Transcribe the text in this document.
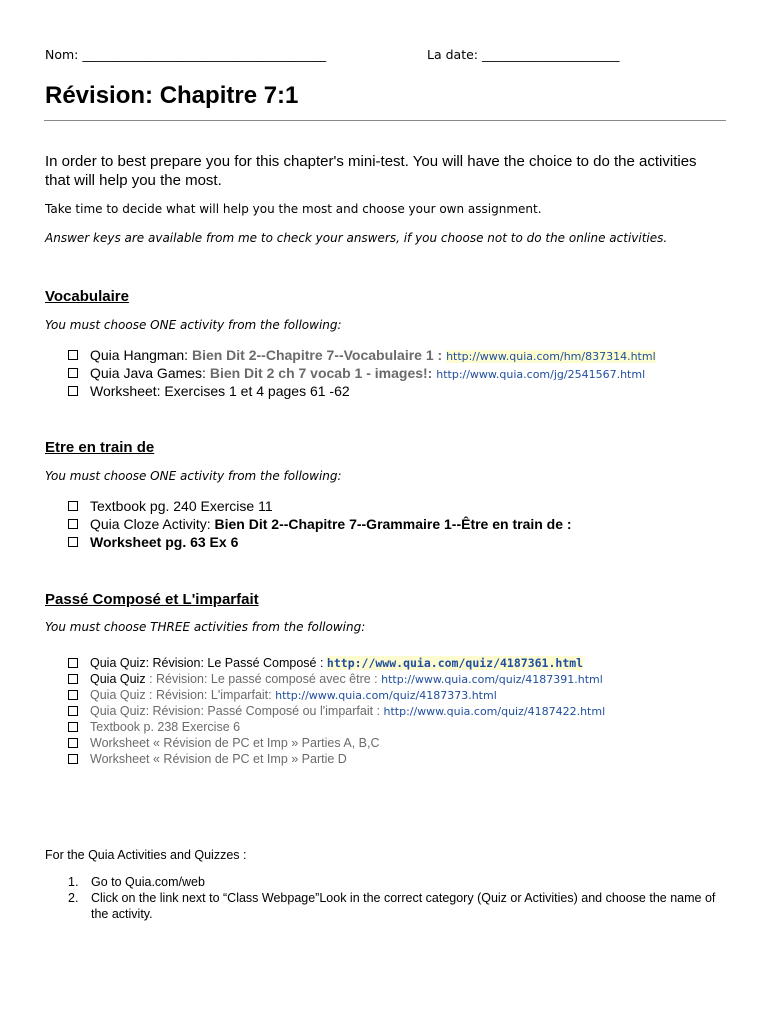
Nom: _______________________________________	La date: ______________________
Révision: Chapitre 7:1
In order to best prepare you for this chapter's mini-test. You will have the choice to do the activities that will help you the most.
Take time to decide what will help you the most and choose your own assignment.
Answer keys are available from me to check your answers, if you choose not to do the online activities.
Vocabulaire
You must choose ONE activity from the following:
Quia Hangman: Bien Dit 2--Chapitre 7--Vocabulaire 1 : http://www.quia.com/hm/837314.html
Quia Java Games: Bien Dit 2 ch 7 vocab 1 - images!: http://www.quia.com/jg/2541567.html
Worksheet: Exercises 1 et 4 pages 61 -62
Etre en train de
You must choose ONE activity from the following:
Textbook pg. 240 Exercise 11
Quia Cloze Activity: Bien Dit 2--Chapitre 7--Grammaire 1--Être en train de :
Worksheet pg. 63 Ex 6
Passé Composé et L'imparfait
You must choose THREE activities from the following:
Quia Quiz: Révision: Le Passé Composé : http://www.quia.com/quiz/4187361.html
Quia Quiz : Révision: Le passé composé avec être : http://www.quia.com/quiz/4187391.html
Quia Quiz : Révision: L'imparfait: http://www.quia.com/quiz/4187373.html
Quia Quiz: Révision: Passé Composé ou l'imparfait : http://www.quia.com/quiz/4187422.html
Textbook p. 238 Exercise 6
Worksheet « Révision de PC et Imp » Parties A, B,C
Worksheet « Révision de PC et Imp » Partie D
For the Quia Activities and Quizzes :
1. Go to Quia.com/web
2. Click on the link next to “Class Webpage”Look in the correct category (Quiz or Activities) and choose the name of the activity.
